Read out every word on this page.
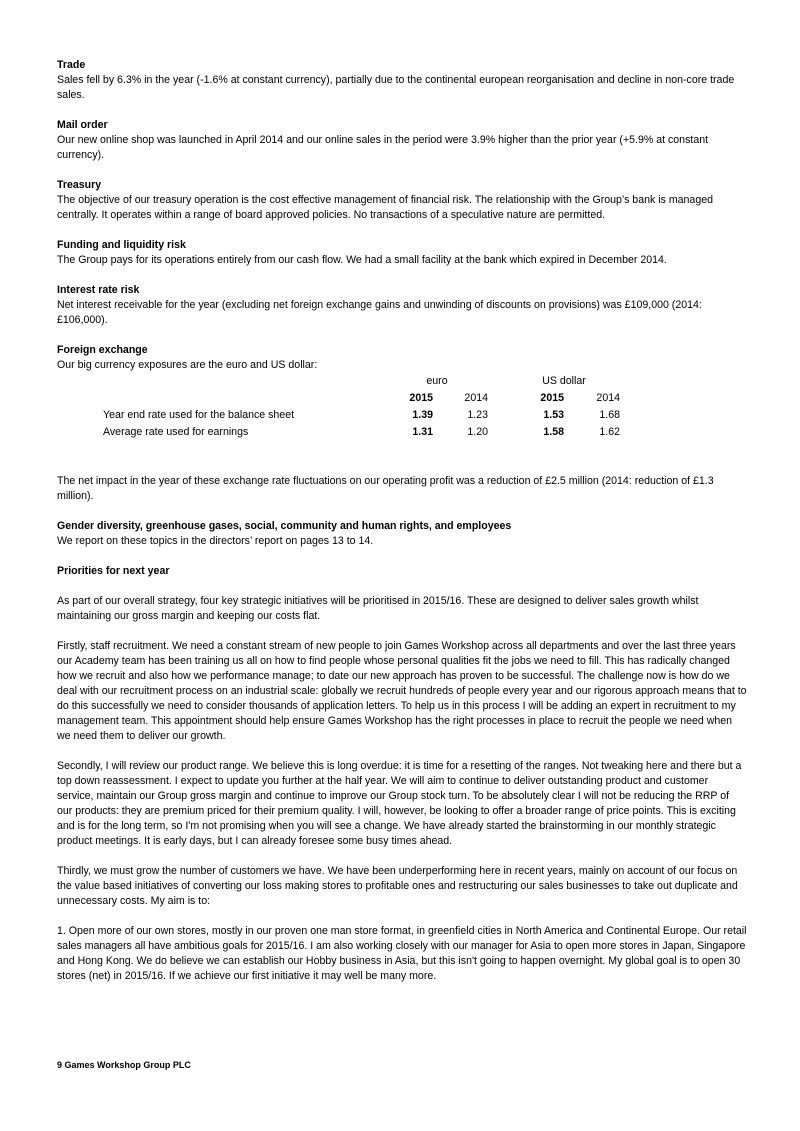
Trade

Sales fell by 6.3% in the year (-1.6% at constant currency), partially due to the continental european reorganisation and decline in non-core trade sales.

Mail order

Our new online shop was launched in April 2014 and our online sales in the period were 3.9% higher than the prior year (+5.9% at constant currency).

Treasury

The objective of our treasury operation is the cost effective management of financial risk. The relationship with the Group’s bank is managed centrally. It operates within a range of board approved policies. No transactions of a speculative nature are permitted.

Funding and liquidity risk

The Group pays for its operations entirely from our cash flow. We had a small facility at the bank which expired in December 2014.

Interest rate risk

Net interest receivable for the year (excluding net foreign exchange gains and unwinding of discounts on provisions) was £109,000 (2014: £106,000).

Foreign exchange

Our big currency exposures are the euro and US dollar:

	euro		US dollar	
	2015	2014	2015	2014
Year end rate used for the balance sheet	1.39	1.23	1.53	1.68
Average rate used for earnings	1.31	1.20	1.58	1.62

The net impact in the year of these exchange rate fluctuations on our operating profit was a reduction of £2.5 million (2014: reduction of £1.3 million).

Gender diversity, greenhouse gases, social, community and human rights, and employees

We report on these topics in the directors’ report on pages 13 to 14.

Priorities for next year

As part of our overall strategy, four key strategic initiatives will be prioritised in 2015/16. These are designed to deliver sales growth whilst maintaining our gross margin and keeping our costs flat.

Firstly, staff recruitment. We need a constant stream of new people to join Games Workshop across all departments and over the last three years our Academy team has been training us all on how to find people whose personal qualities fit the jobs we need to fill. This has radically changed how we recruit and also how we performance manage; to date our new approach has proven to be successful. The challenge now is how do we deal with our recruitment process on an industrial scale: globally we recruit hundreds of people every year and our rigorous approach means that to do this successfully we need to consider thousands of application letters. To help us in this process I will be adding an expert in recruitment to my management team. This appointment should help ensure Games Workshop has the right processes in place to recruit the people we need when we need them to deliver our growth.

Secondly, I will review our product range. We believe this is long overdue: it is time for a resetting of the ranges. Not tweaking here and there but a top down reassessment. I expect to update you further at the half year. We will aim to continue to deliver outstanding product and customer service, maintain our Group gross margin and continue to improve our Group stock turn. To be absolutely clear I will not be reducing the RRP of our products: they are premium priced for their premium quality. I will, however, be looking to offer a broader range of price points. This is exciting and is for the long term, so I'm not promising when you will see a change. We have already started the brainstorming in our monthly strategic product meetings. It is early days, but I can already foresee some busy times ahead.

Thirdly, we must grow the number of customers we have. We have been underperforming here in recent years, mainly on account of our focus on the value based initiatives of converting our loss making stores to profitable ones and restructuring our sales businesses to take out duplicate and unnecessary costs. My aim is to:

1. Open more of our own stores, mostly in our proven one man store format, in greenfield cities in North America and Continental Europe. Our retail sales managers all have ambitious goals for 2015/16. I am also working closely with our manager for Asia to open more stores in Japan, Singapore and Hong Kong. We do believe we can establish our Hobby business in Asia, but this isn't going to happen overnight. My global goal is to open 30 stores (net) in 2015/16. If we achieve our first initiative it may well be many more.

9 Games Workshop Group PLC
